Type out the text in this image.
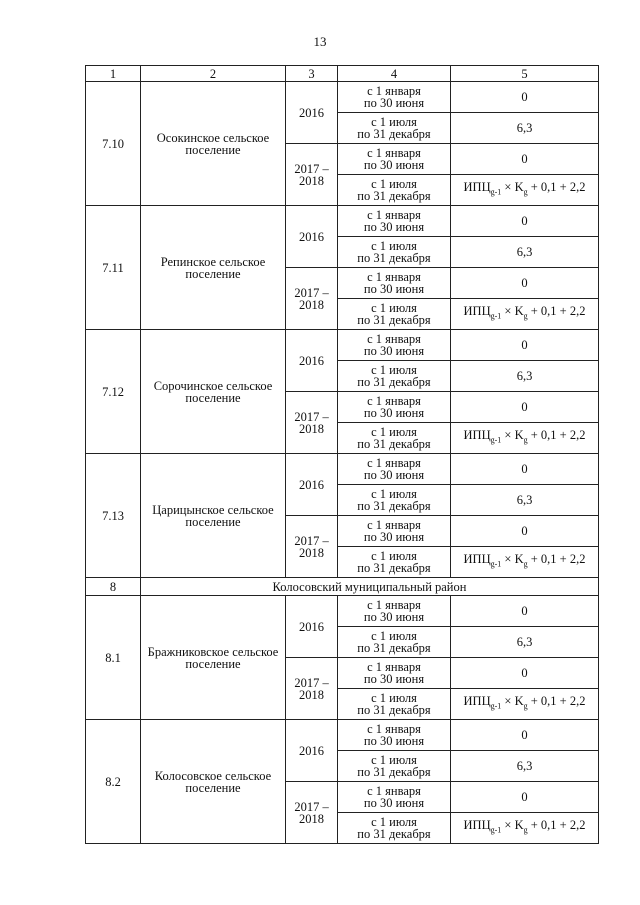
13
1	2	3	4	5
7.10	Осокинское сельское поселение	2016	с 1 января
по 30 июня	0
			с 1 июля
по 31 декабря	6,3
		2017 –
2018	с 1 января
по 30 июня	0
			с 1 июля
по 31 декабря	$ИПЦ_{g-1} \times K_g + 0,1 + 2,2$
7.11	Репинское сельское поселение	2016	с 1 января
по 30 июня	0
			с 1 июля
по 31 декабря	6,3
		2017 –
2018	с 1 января
по 30 июня	0
			с 1 июля
по 31 декабря	$ИПЦ_{g-1} \times K_g + 0,1 + 2,2$
7.12	Сорочинское сельское поселение	2016	с 1 января
по 30 июня	0
			с 1 июля
по 31 декабря	6,3
		2017 –
2018	с 1 января
по 30 июня	0
			с 1 июля
по 31 декабря	$ИПЦ_{g-1} \times K_g + 0,1 + 2,2$
7.13	Царицынское сельское поселение	2016	с 1 января
по 30 июня	0
			с 1 июля
по 31 декабря	6,3
		2017 –
2018	с 1 января
по 30 июня	0
			с 1 июля
по 31 декабря	$ИПЦ_{g-1} \times K_g + 0,1 + 2,2$
8	Колосовский муниципальный район			
8.1	Бражниковское сельское поселение	2016	с 1 января
по 30 июня	0
			с 1 июля
по 31 декабря	6,3
		2017 –
2018	с 1 января
по 30 июня	0
			с 1 июля
по 31 декабря	$ИПЦ_{g-1} \times K_g + 0,1 + 2,2$
8.2	Колосовское сельское поселение	2016	с 1 января
по 30 июня	0
			с 1 июля
по 31 декабря	6,3
		2017 –
2018	с 1 января
по 30 июня	0
			с 1 июля
по 31 декабря	$ИПЦ_{g-1} \times K_g + 0,1 + 2,2$
